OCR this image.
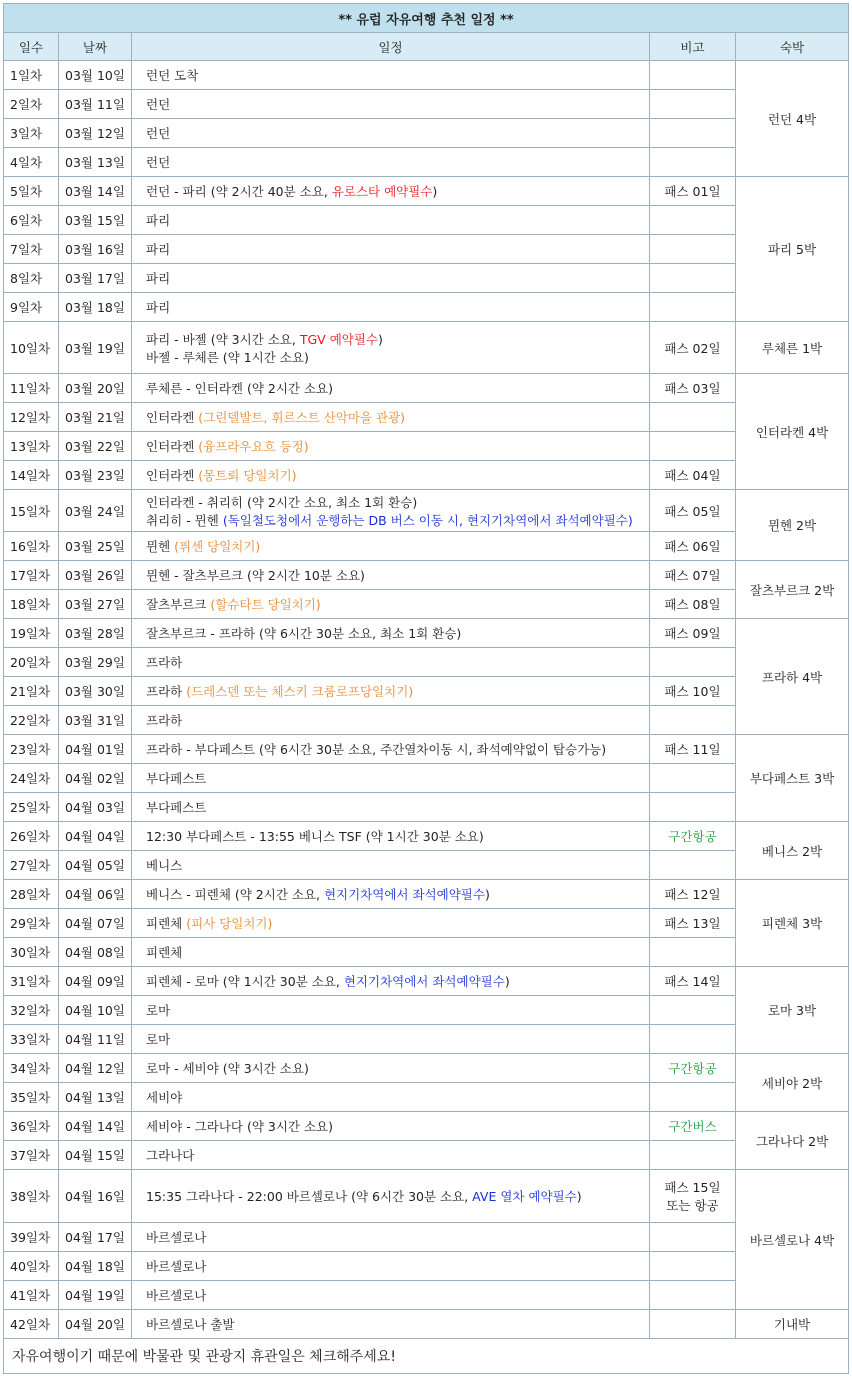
** 유럽 자유여행 추천 일정 **				
일수	날짜	일정	비고	숙박
1일차	03월 10일	런던 도착		런던 4박
2일차	03월 11일	런던		
3일차	03월 12일	런던		
4일차	03월 13일	런던		
5일차	03월 14일	런던 - 파리 (약 2시간 40분 소요, 유로스타 예약필수)	패스 01일	파리 5박
6일차	03월 15일	파리		
7일차	03월 16일	파리		
8일차	03월 17일	파리		
9일차	03월 18일	파리		
10일차	03월 19일	파리 - 바젤 (약 3시간 소요, TGV 예약필수)
바젤 - 루체른 (약 1시간 소요)	패스 02일	루체른 1박
11일차	03월 20일	루체른 - 인터라켄 (약 2시간 소요)	패스 03일	인터라켄 4박
12일차	03월 21일	인터라켄 (그린델발트, 휘르스트 산악마을 관광)		
13일차	03월 22일	인터라켄 (융프라우요흐 등정)		
14일차	03월 23일	인터라켄 (몽트뢰 당일치기)	패스 04일	
15일차	03월 24일	인터라켄 - 취리히 (약 2시간 소요, 최소 1회 환승)
취리히 - 뮌헨 (독일철도청에서 운행하는 DB 버스 이동 시, 현지기차역에서 좌석예약필수)	패스 05일	뮌헨 2박
16일차	03월 25일	뮌헨 (퓌센 당일치기)	패스 06일	
17일차	03월 26일	뮌헨 - 잘츠부르크 (약 2시간 10분 소요)	패스 07일	잘츠부르크 2박
18일차	03월 27일	잘츠부르크 (할슈타트 당일치기)	패스 08일	
19일차	03월 28일	잘츠부르크 - 프라하 (약 6시간 30분 소요, 최소 1회 환승)	패스 09일	프라하 4박
20일차	03월 29일	프라하		
21일차	03월 30일	프라하 (드레스덴 또는 체스키 크룸로프당일치기)	패스 10일	
22일차	03월 31일	프라하		
23일차	04월 01일	프라하 - 부다페스트 (약 6시간 30분 소요, 주간열차이동 시, 좌석예약없이 탑승가능)	패스 11일	부다페스트 3박
24일차	04월 02일	부다페스트		
25일차	04월 03일	부다페스트		
26일차	04월 04일	12:30 부다페스트 - 13:55 베니스 TSF (약 1시간 30분 소요)	구간항공	베니스 2박
27일차	04월 05일	베니스		
28일차	04월 06일	베니스 - 피렌체 (약 2시간 소요, 현지기차역에서 좌석예약필수)	패스 12일	피렌체 3박
29일차	04월 07일	피렌체 (피사 당일치기)	패스 13일	
30일차	04월 08일	피렌체		
31일차	04월 09일	피렌체 - 로마 (약 1시간 30분 소요, 현지기차역에서 좌석예약필수)	패스 14일	로마 3박
32일차	04월 10일	로마		
33일차	04월 11일	로마		
34일차	04월 12일	로마 - 세비야 (약 3시간 소요)	구간항공	세비야 2박
35일차	04월 13일	세비야		
36일차	04월 14일	세비야 - 그라나다 (약 3시간 소요)	구간버스	그라나다 2박
37일차	04월 15일	그라나다		
38일차	04월 16일	15:35 그라나다 - 22:00 바르셀로나 (약 6시간 30분 소요, AVE 열차 예약필수)	패스 15일
또는 항공	바르셀로나 4박
39일차	04월 17일	바르셀로나		
40일차	04월 18일	바르셀로나		
41일차	04월 19일	바르셀로나		
42일차	04월 20일	바르셀로나 출발		기내박
자유여행이기 때문에 박물관 및 관광지 휴관일은 체크해주세요!				
